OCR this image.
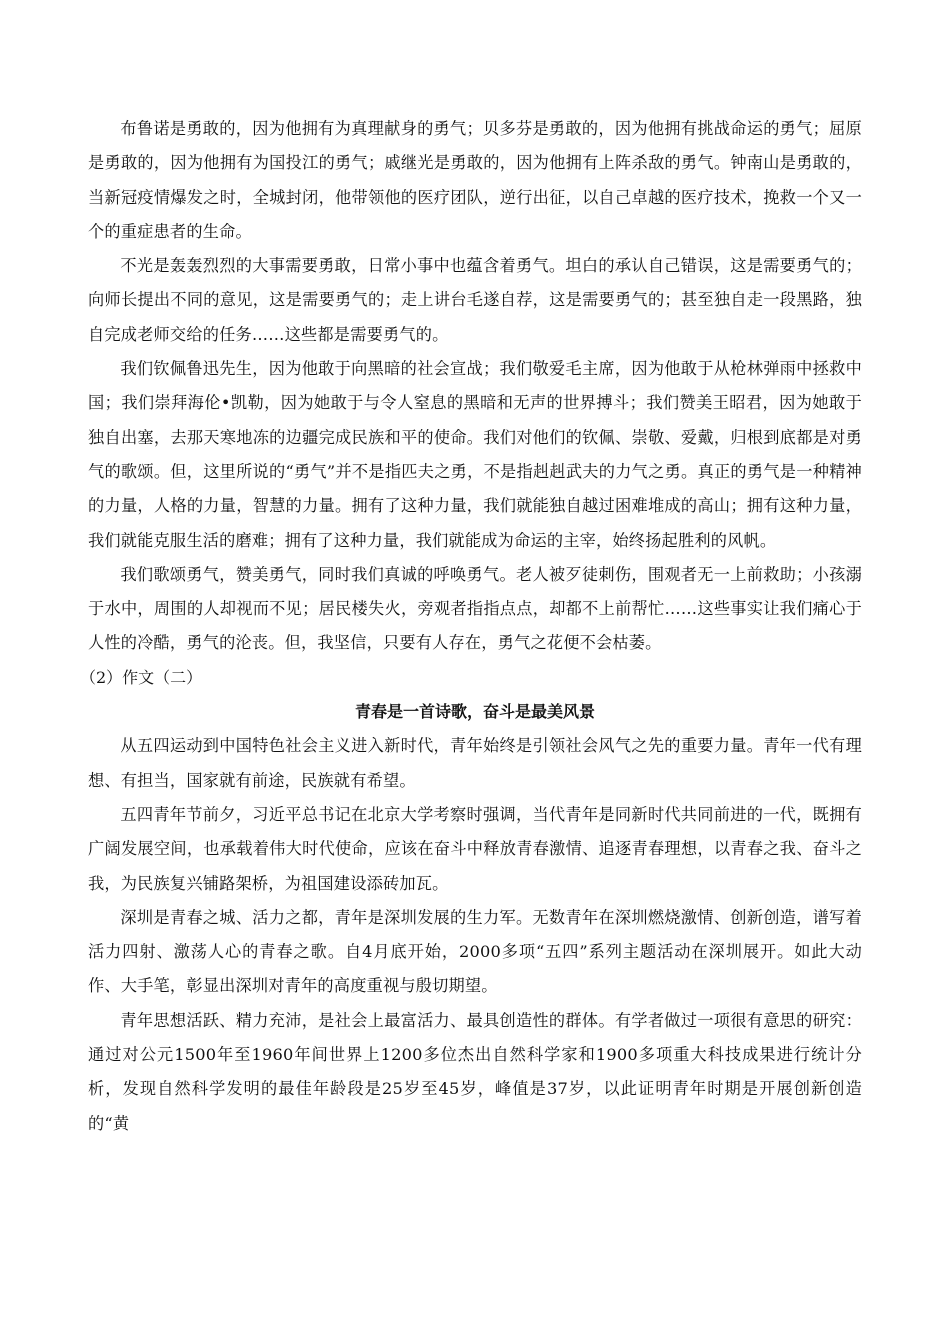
布鲁诺是勇敢的，因为他拥有为真理献身的勇气；贝多芬是勇敢的，因为他拥有挑战命运的勇气；屈原是勇敢的，因为他拥有为国投江的勇气；戚继光是勇敢的，因为他拥有上阵杀敌的勇气。钟南山是勇敢的，当新冠疫情爆发之时，全城封闭，他带领他的医疗团队，逆行出征，以自己卓越的医疗技术，挽救一个又一个的重症患者的生命。

不光是轰轰烈烈的大事需要勇敢，日常小事中也蕴含着勇气。坦白的承认自己错误，这是需要勇气的；向师长提出不同的意见，这是需要勇气的；走上讲台毛遂自荐，这是需要勇气的；甚至独自走一段黑路，独自完成老师交给的任务……这些都是需要勇气的。

我们钦佩鲁迅先生，因为他敢于向黑暗的社会宣战；我们敬爱毛主席，因为他敢于从枪林弹雨中拯救中国；我们崇拜海伦•凯勒，因为她敢于与令人窒息的黑暗和无声的世界搏斗；我们赞美王昭君，因为她敢于独自出塞，去那天寒地冻的边疆完成民族和平的使命。我们对他们的钦佩、崇敬、爱戴，归根到底都是对勇气的歌颂。但，这里所说的“勇气”并不是指匹夫之勇，不是指赳赳武夫的力气之勇。真正的勇气是一种精神的力量，人格的力量，智慧的力量。拥有了这种力量，我们就能独自越过困难堆成的高山；拥有这种力量，我们就能克服生活的磨难；拥有了这种力量，我们就能成为命运的主宰，始终扬起胜利的风帆。

我们歌颂勇气，赞美勇气，同时我们真诚的呼唤勇气。老人被歹徒刺伤，围观者无一上前救助；小孩溺于水中，周围的人却视而不见；居民楼失火，旁观者指指点点，却都不上前帮忙……这些事实让我们痛心于人性的冷酷，勇气的沦丧。但，我坚信，只要有人存在，勇气之花便不会枯萎。

（2）作文（二）

青春是一首诗歌，奋斗是最美风景

从五四运动到中国特色社会主义进入新时代，青年始终是引领社会风气之先的重要力量。青年一代有理想、有担当，国家就有前途，民族就有希望。

五四青年节前夕，习近平总书记在北京大学考察时强调，当代青年是同新时代共同前进的一代，既拥有广阔发展空间，也承载着伟大时代使命，应该在奋斗中释放青春激情、追逐青春理想，以青春之我、奋斗之我，为民族复兴铺路架桥，为祖国建设添砖加瓦。

深圳是青春之城、活力之都，青年是深圳发展的生力军。无数青年在深圳燃烧激情、创新创造，谱写着活力四射、激荡人心的青春之歌。自4月底开始，2000多项“五四”系列主题活动在深圳展开。如此大动作、大手笔，彰显出深圳对青年的高度重视与殷切期望。

青年思想活跃、精力充沛，是社会上最富活力、最具创造性的群体。有学者做过一项很有意思的研究：通过对公元1500年至1960年间世界上1200多位杰出自然科学家和1900多项重大科技成果进行统计分析，发现自然科学发明的最佳年龄段是25岁至45岁，峰值是37岁，以此证明青年时期是开展创新创造的“黄
